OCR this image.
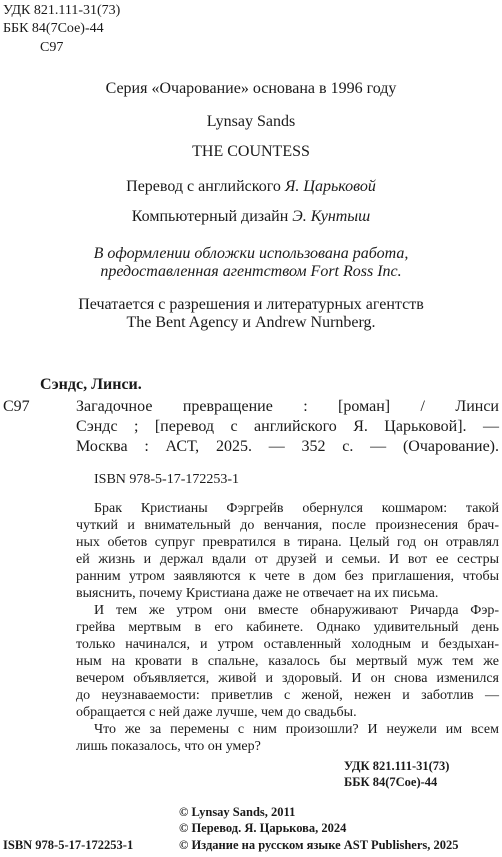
УДК 821.111-31(73)
ББК 84(7Сое)-44
С97
Серия «Очарование» основана в 1996 году
Lynsay Sands
THE COUNTESS
Перевод с английского Я. Царьковой
Компьютерный дизайн Э. Кунтыш
В оформлении обложки использована работа,
предоставленная агентством Fort Ross Inc.
Печатается с разрешения и литературных агентств
The Bent Agency и Andrew Nurnberg.
Сэндс, Линси.
С97	Загадочное превращение : [роман] / Линси
Сэндс ; [перевод с английского Я. Царьковой]. —
Москва : АСТ, 2025. — 352 с. — (Очарование).
ISBN 978-5-17-172253-1
Брак Кристианы Фэргрейв обернулся кошмаром: такой
чуткий и внимательный до венчания, после произнесения брач-
ных обетов супруг превратился в тирана. Целый год он отравлял
ей жизнь и держал вдали от друзей и семьи. И вот ее сестры
ранним утром заявляются к чете в дом без приглашения, чтобы
выяснить, почему Кристиана даже не отвечает на их письма.
И тем же утром они вместе обнаруживают Ричарда Фэр-
грейва мертвым в его кабинете. Однако удивительный день
только начинался, и утром оставленный холодным и бездыхан-
ным на кровати в спальне, казалось бы мертвый муж тем же
вечером объявляется, живой и здоровый. И он снова изменился
до неузнаваемости: приветлив с женой, нежен и заботлив —
обращается с ней даже лучше, чем до свадьбы.
Что же за перемены с ним произошли? И неужели им всем
лишь показалось, что он умер?
УДК 821.111-31(73)
ББК 84(7Сое)-44
© Lynsay Sands, 2011
© Перевод. Я. Царькова, 2024
ISBN 978-5-17-172253-1	© Издание на русском языке AST Publishers, 2025
